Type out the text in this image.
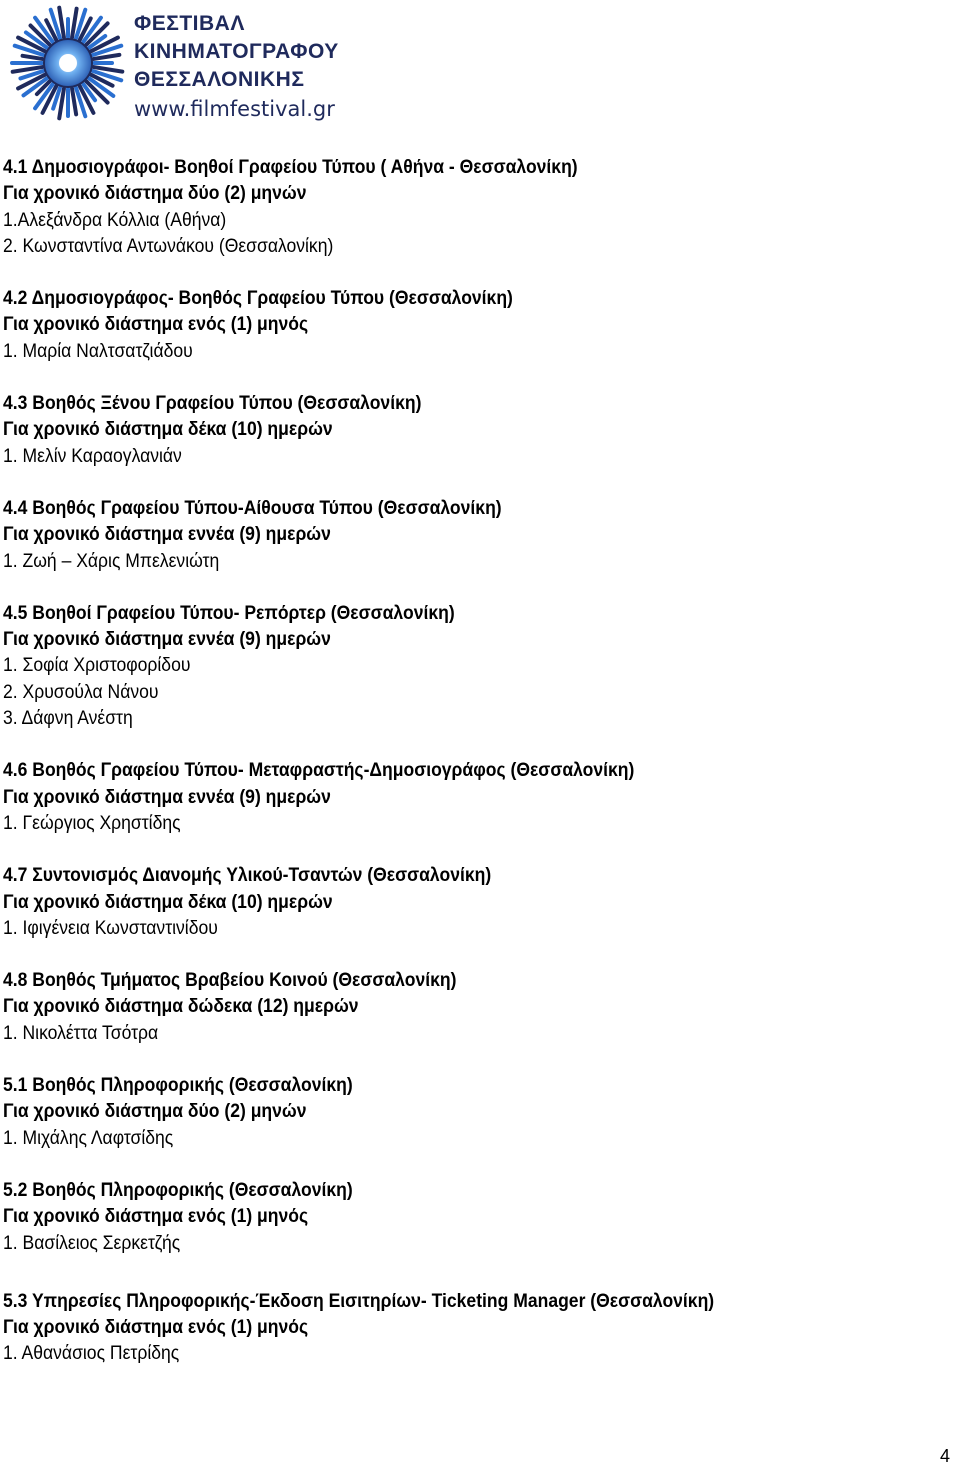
ΦΕΣΤΙΒΑΛ
ΚΙΝΗΜΑΤΟΓΡΑΦΟΥ
ΘΕΣΣΑΛΟΝΙΚΗΣ
www.filmfestival.gr
4.1 Δημοσιογράφοι- Βοηθοί Γραφείου Τύπου ( Αθήνα - Θεσσαλονίκη)
Για χρονικό διάστημα δύο (2) μηνών
1.Αλεξάνδρα Κόλλια (Αθήνα)
2. Κωνσταντίνα Αντωνάκου (Θεσσαλονίκη)
4.2 Δημοσιογράφος- Βοηθός Γραφείου Τύπου (Θεσσαλονίκη)
Για χρονικό διάστημα ενός (1) μηνός
1. Μαρία Ναλτσατζιάδου
4.3 Βοηθός Ξένου Γραφείου Τύπου (Θεσσαλονίκη)
Για χρονικό διάστημα δέκα (10) ημερών
1. Μελίν Καραογλανιάν
4.4 Βοηθός Γραφείου Τύπου-Αίθουσα Τύπου (Θεσσαλονίκη)
Για χρονικό διάστημα εννέα (9) ημερών
1. Ζωή – Χάρις Μπελενιώτη
4.5 Βοηθοί Γραφείου Τύπου- Ρεπόρτερ (Θεσσαλονίκη)
Για χρονικό διάστημα εννέα (9) ημερών
1. Σοφία Χριστοφορίδου
2. Χρυσούλα Νάνου
3. Δάφνη Ανέστη
4.6 Βοηθός Γραφείου Τύπου- Μεταφραστής-Δημοσιογράφος (Θεσσαλονίκη)
Για χρονικό διάστημα εννέα (9) ημερών
1. Γεώργιος Χρηστίδης
4.7 Συντονισμός Διανομής Υλικού-Τσαντών (Θεσσαλονίκη)
Για χρονικό διάστημα δέκα (10) ημερών
1. Ιφιγένεια Κωνσταντινίδου
4.8 Βοηθός Τμήματος Βραβείου Κοινού (Θεσσαλονίκη)
Για χρονικό διάστημα δώδεκα (12) ημερών
1. Νικολέττα Τσότρα
5.1 Βοηθός Πληροφορικής (Θεσσαλονίκη)
Για χρονικό διάστημα δύο (2) μηνών
1. Μιχάλης Λαφτσίδης
5.2 Βοηθός Πληροφορικής (Θεσσαλονίκη)
Για χρονικό διάστημα ενός (1) μηνός
1. Βασίλειος Σερκετζής
5.3 Υπηρεσίες Πληροφορικής-Έκδοση Εισιτηρίων- Ticketing Manager (Θεσσαλονίκη)
Για χρονικό διάστημα ενός (1) μηνός
1. Αθανάσιος Πετρίδης
4
